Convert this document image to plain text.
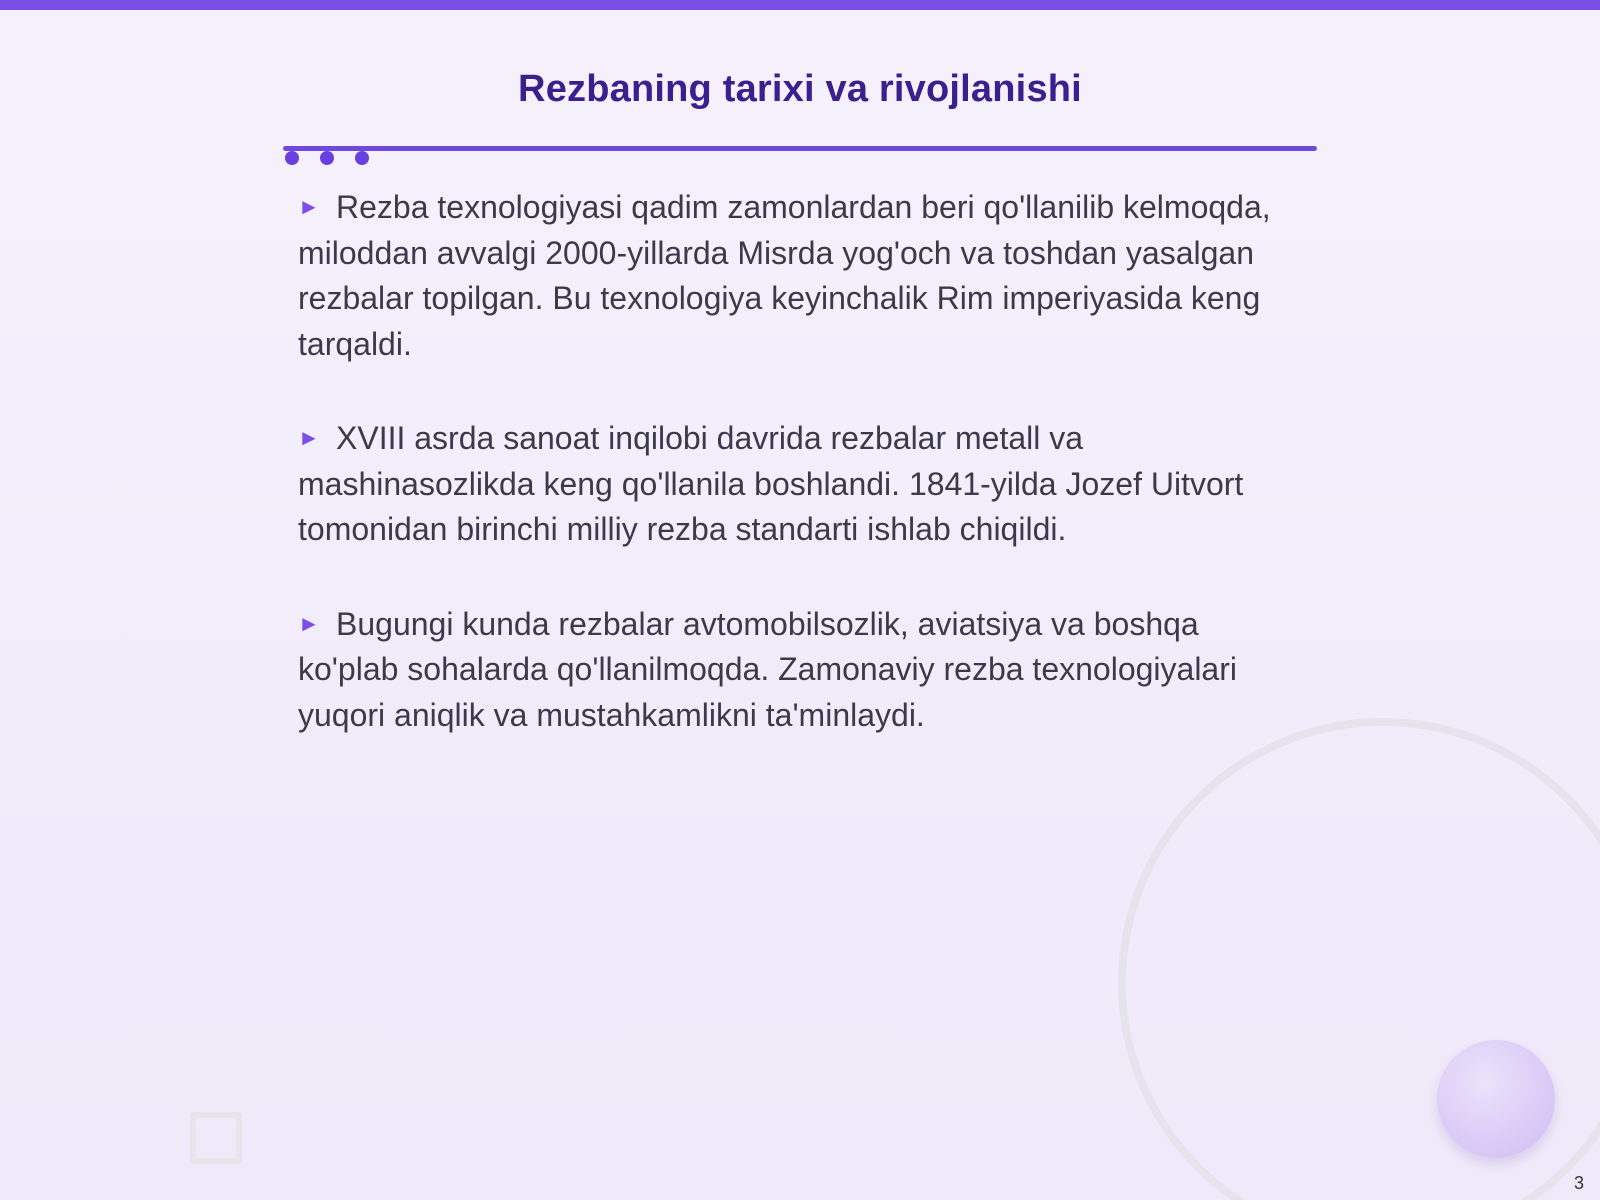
Rezbaning tarixi va rivojlanishi

► Rezba texnologiyasi qadim zamonlardan beri qo'llanilib kelmoqda, miloddan avvalgi 2000-yillarda Misrda yog'och va toshdan yasalgan rezbalar topilgan. Bu texnologiya keyinchalik Rim imperiyasida keng tarqaldi.

► XVIII asrda sanoat inqilobi davrida rezbalar metall va mashinasozlikda keng qo'llanila boshlandi. 1841-yilda Jozef Uitvort tomonidan birinchi milliy rezba standarti ishlab chiqildi.

► Bugungi kunda rezbalar avtomobilsozlik, aviatsiya va boshqa ko'plab sohalarda qo'llanilmoqda. Zamonaviy rezba texnologiyalari yuqori aniqlik va mustahkamlikni ta'minlaydi.

3
